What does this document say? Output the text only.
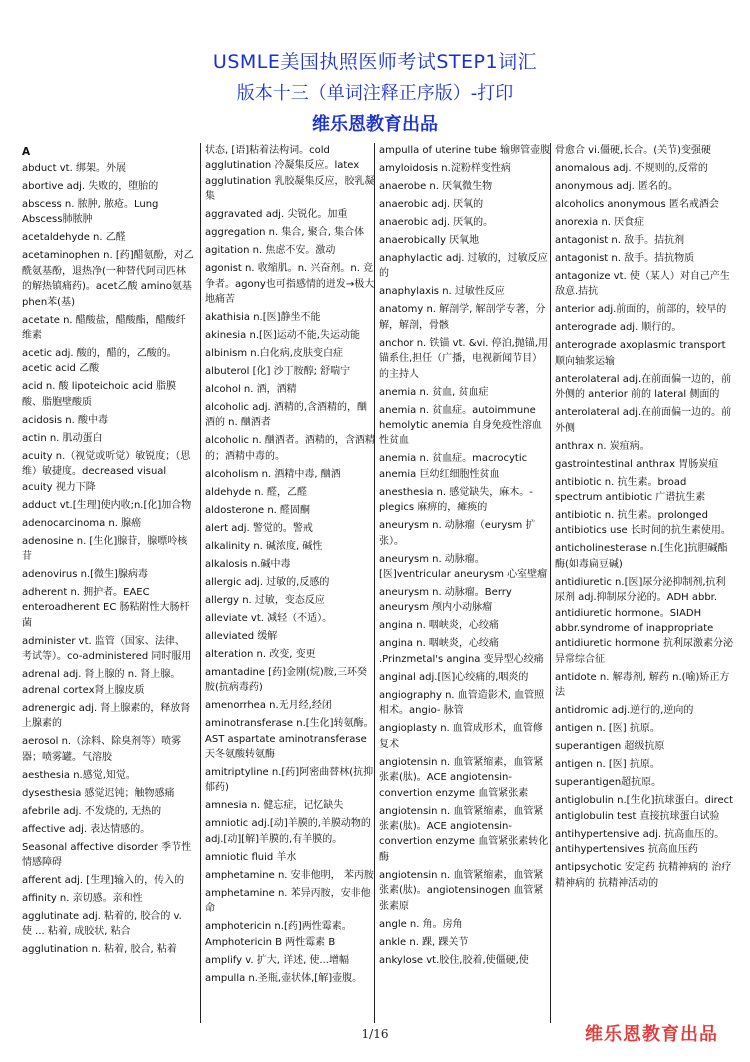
USMLE美国执照医师考试STEP1词汇
版本十三（单词注释正序版）-打印
维乐恩教育出品
A
abduct vt. 绑架。外展
abortive adj. 失败的，堕胎的
abscess n. 脓肿, 脓疮。Lung Abscess肺脓肿
acetaldehyde n. 乙醛
acetaminophen n. [药]醋氨酚，对乙酰氨基酚，退热净(一种替代阿司匹林的解热镇痛药)。acet乙酸 amino氨基 phen苯(基)
acetate n. 醋酸盐，醋酸酯，醋酸纤维素
acetic adj. 酸的，醋的，乙酸的。acetic acid 乙酸
acid n. 酸 lipoteichoic acid 脂膜酸、脂胞壁酸质
acidosis n. 酸中毒
actin n. 肌动蛋白
acuity n.（视觉或听觉）敏锐度；（思维）敏捷度。decreased visual acuity 视力下降
adduct vt.[生理]使内收;n.[化]加合物
adenocarcinoma n. 腺癌
adenosine n. [生化]腺苷，腺嘌呤核苷
adenovirus n.[微生]腺病毒
adherent n. 拥护者。EAEC enteroadherent EC 肠粘附性大肠杆菌
administer vt. 监管（国家、法律、考试等）。co-administered 同时服用
adrenal adj. 肾上腺的 n. 肾上腺。adrenal cortex肾上腺皮质
adrenergic adj. 肾上腺素的，释放肾上腺素的
aerosol n.（涂料、除臭剂等）喷雾器；喷雾罐。气溶胶
aesthesia n.感觉,知觉。
dysesthesia 感觉迟钝；触物感痛
afebrile adj. 不发烧的, 无热的
affective adj. 表达情感的。
Seasonal affective disorder 季节性情感障碍
afferent adj. [生理]输入的，传入的
affinity n. 亲切感。亲和性
agglutinate adj. 粘着的, 胶合的 v. 使 ... 粘着, 成胶状, 粘合
agglutination n. 粘着, 胶合, 粘着
状态, [语]粘着法构词。cold agglutination 冷凝集反应。latex agglutination 乳胶凝集反应，胶乳凝集
aggravated adj. 尖锐化。加重
aggregation n. 集合, 聚合, 集合体
agitation n. 焦虑不安。激动
agonist n. 收缩肌。n. 兴奋剂。n. 竞争者。agony也可指感情的迸发→极大地痛苦
akathisia n.[医]静坐不能
akinesia n.[医]运动不能,失运动能
albinism n.白化病,皮肤变白症
albuterol [化] 沙丁胺醇; 舒喘宁
alcohol n. 酒，酒精
alcoholic adj. 酒精的,含酒精的，酗酒的 n. 酗酒者
alcoholic n. 酗酒者。酒精的，含酒精的；酒精中毒的。
alcoholism n. 酒精中毒, 酗酒
aldehyde n. 醛，乙醛
aldosterone n. 醛固酮
alert adj. 警觉的。警戒
alkalinity n. 碱浓度, 碱性
alkalosis n.碱中毒
allergic adj. 过敏的,反感的
allergy n. 过敏，变态反应
alleviate vt. 减轻（不适）。
alleviated 缓解
alteration n. 改变, 变更
amantadine [药]金刚(烷)胺,三环癸胺(抗病毒药)
amenorrhea n.无月经,经闭
aminotransferase n.[生化]转氨酶。AST aspartate aminotransferase 天冬氨酸转氨酶
amitriptyline n.[药]阿密曲替林(抗抑郁药)
amnesia n. 健忘症，记忆缺失
amniotic adj.[动]羊膜的,羊膜动物的 adj.[动][解]羊膜的,有羊膜的。
amniotic fluid 羊水
amphetamine n. 安非他明， 苯丙胺
amphetamine n. 苯异丙胺，安非他命
amphotericin n.[药]两性霉素。Amphotericin B 两性霉素 B
amplify v. 扩大, 详述, 使...增幅
ampulla n.圣瓶,壶状体,[解]壶腹。
ampulla of uterine tube 输卵管壶腹
amyloidosis n.淀粉样变性病
anaerobe n. 厌氧微生物
anaerobic adj. 厌氧的
anaerobic adj. 厌氧的。
anaerobically 厌氧地
anaphylactic adj. 过敏的，过敏反应的
anaphylaxis n. 过敏性反应
anatomy n. 解剖学, 解剖学专著，分解，解剖，骨骸
anchor n. 铁锚 vt. &vi. 停泊,抛锚,用锚系住,担任（广播，电视新闻节目）的主持人
anemia n. 贫血, 贫血症
anemia n. 贫血症。autoimmune hemolytic anemia 自身免疫性溶血性贫血
anemia n. 贫血症。macrocytic anemia 巨幼红细胞性贫血
anesthesia n. 感觉缺失，麻木。-plegics 麻痹的，瘫痪的
aneurysm n. 动脉瘤（eurysm 扩张）。
aneurysm n. 动脉瘤。[医]ventricular aneurysm 心室壁瘤
aneurysm n. 动脉瘤。Berry aneurysm 颅内小动脉瘤
angina n. 咽峡炎，心绞痛
angina n. 咽峡炎，心绞痛 .Prinzmetal's angina 变异型心绞痛
anginal adj.[医]心绞痛的,咽炎的
angiography n. 血管造影术, 血管照相术。angio- 脉管
angioplasty n. 血管成形术，血管修复术
angiotensin n. 血管紧缩素，血管紧张素(肽)。ACE angiotensin-convertion enzyme 血管紧张素
angiotensin n. 血管紧缩素，血管紧张素(肽)。ACE angiotensin-convertion enzyme 血管紧张素转化酶
angiotensin n. 血管紧缩素，血管紧张素(肽)。angiotensinogen 血管紧张素原
angle n. 角。房角
ankle n. 踝, 踝关节
ankylose vt.胶住,胶着,使僵硬,使
骨愈合 vi.僵硬,长合。(关节)变强硬
anomalous adj. 不规则的,反常的
anonymous adj. 匿名的。
alcoholics anonymous 匿名戒酒会
anorexia n. 厌食症
antagonist n. 敌手。拮抗剂
antagonist n. 敌手。拮抗物质
antagonize vt. 使（某人）对自己产生敌意.拮抗
anterior adj.前面的，前部的，较早的
anterograde adj. 顺行的。
anterograde axoplasmic transport 顺向轴浆运输
anterolateral adj.在前面偏一边的，前外侧的 anterior 前的 lateral 侧面的
anterolateral adj.在前面偏一边的。前外侧
anthrax n. 炭疽病。
gastrointestinal anthrax 胃肠炭疽
antibiotic n. 抗生素。broad spectrum antibiotic 广谱抗生素
antibiotic n. 抗生素。prolonged antibiotics use 长时间的抗生素使用。
anticholinesterase n.[生化]抗胆碱酯酶(如毒扁豆碱)
antidiuretic n.[医]尿分泌抑制剂,抗利尿剂 adj.抑制尿分泌的。ADH abbr. antidiuretic hormone。SIADH abbr.syndrome of inappropriate antidiuretic hormone 抗利尿激素分泌异常综合征
antidote n. 解毒剂, 解药 n.(喻)矫正方法
antidromic adj.逆行的,逆向的
antigen n. [医] 抗原。
superantigen 超级抗原
antigen n. [医] 抗原。
superantigen超抗原。
antiglobulin n.[生化]抗球蛋白。direct antiglobulin test 直接抗球蛋白试验
antihypertensive adj. 抗高血压的。antihypertensives 抗高血压药
antipsychotic 安定药 抗精神病的 治疗精神病的 抗精神活动的
1/16	维乐恩教育出品
